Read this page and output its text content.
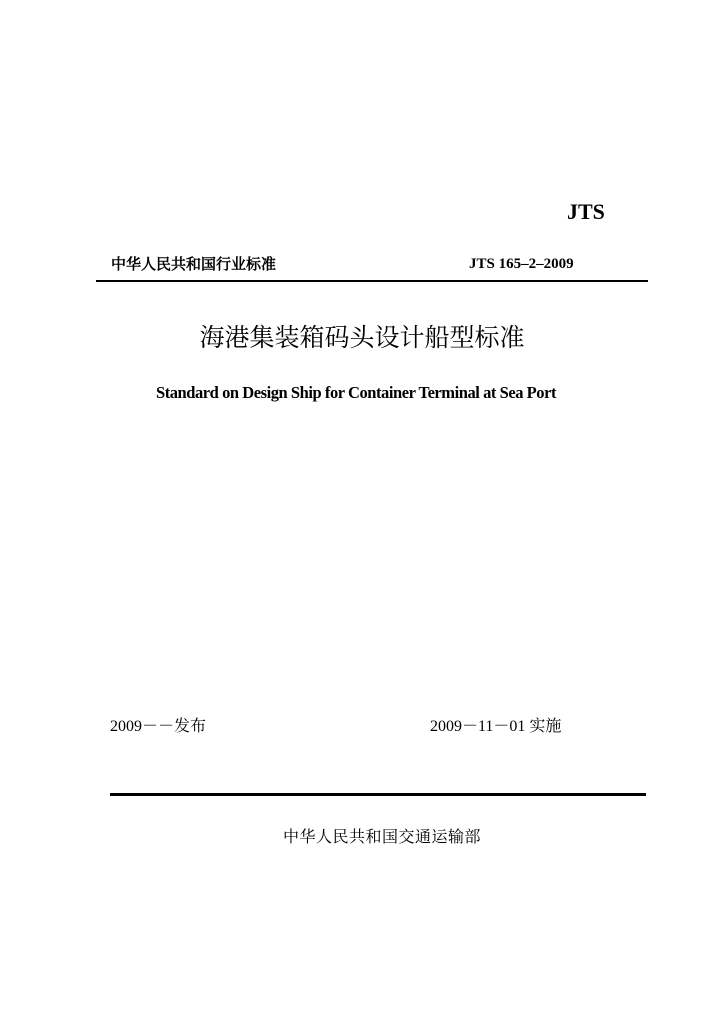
JTS
中华人民共和国行业标准	JTS 165–2–2009
海港集装箱码头设计船型标准
Standard on Design Ship for Container Terminal at Sea Port
2009－－发布	2009－11－01 实施
中华人民共和国交通运输部
